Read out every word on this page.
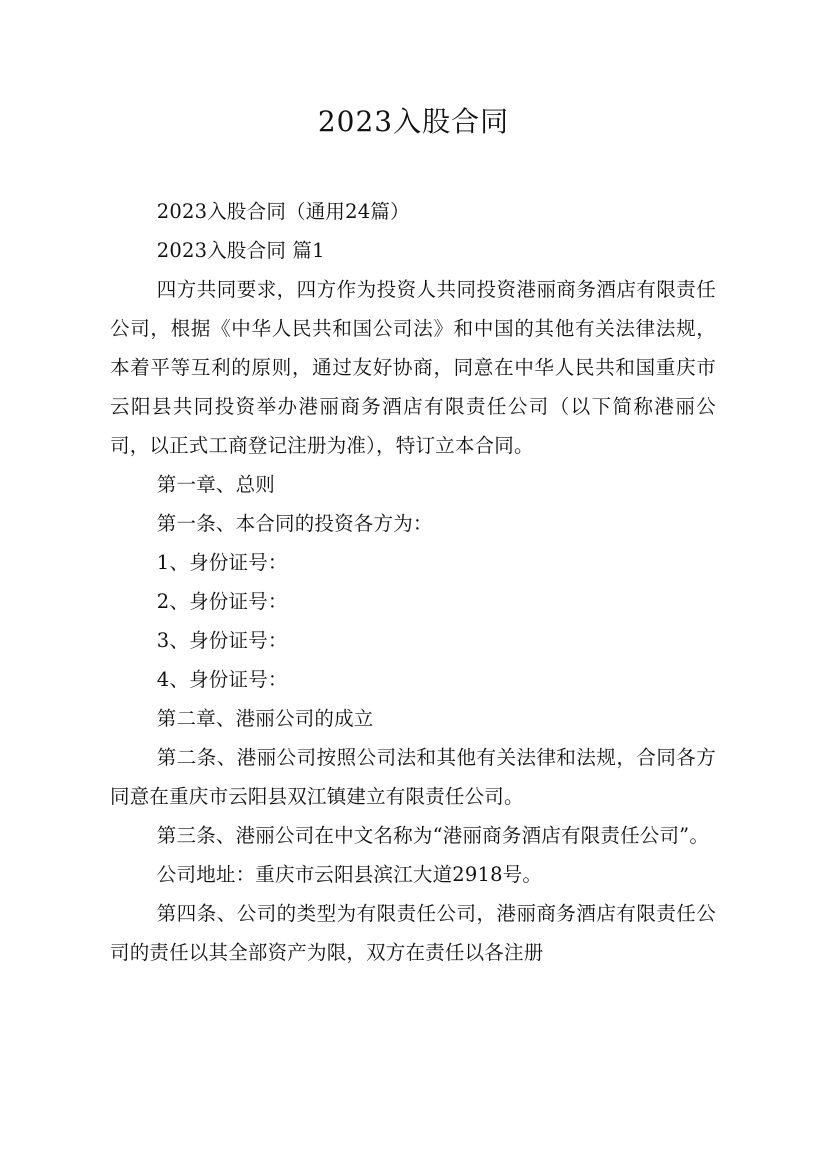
2023入股合同

2023入股合同（通用24篇）

2023入股合同 篇1

四方共同要求，四方作为投资人共同投资港丽商务酒店有限责任公司，根据《中华人民共和国公司法》和中国的其他有关法律法规，本着平等互利的原则，通过友好协商，同意在中华人民共和国重庆市云阳县共同投资举办港丽商务酒店有限责任公司（以下简称港丽公司，以正式工商登记注册为准），特订立本合同。

第一章、总则

第一条、本合同的投资各方为：

1、身份证号：

2、身份证号：

3、身份证号：

4、身份证号：

第二章、港丽公司的成立

第二条、港丽公司按照公司法和其他有关法律和法规，合同各方同意在重庆市云阳县双江镇建立有限责任公司。

第三条、港丽公司在中文名称为“港丽商务酒店有限责任公司”。

公司地址：重庆市云阳县滨江大道2918号。

第四条、公司的类型为有限责任公司，港丽商务酒店有限责任公司的责任以其全部资产为限，双方在责任以各注册
